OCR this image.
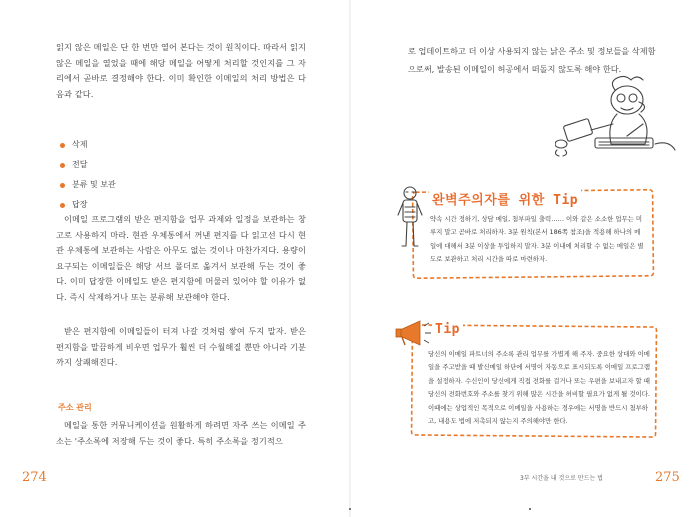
읽지 않은 메일은 단 한 번만 열어 본다는 것이 원칙이다. 따라서 읽지 않은 메일을 열었을 때에 해당 메일을 어떻게 처리할 것인지를 그 자리에서 곧바로 결정해야 한다. 이미 확인한 이메일의 처리 방법은 다음과 같다.

삭제
전달
분류 및 보관
답장

이메일 프로그램의 받은 편지함을 업무 과제와 일정을 보관하는 창고로 사용하지 마라. 현관 우체통에서 꺼낸 편지를 다 읽고선 다시 현관 우체통에 보관하는 사람은 아무도 없는 것이나 마찬가지다. 용량이 요구되는 이메일들은 해당 서브 폴더로 옮겨서 보관해 두는 것이 좋다. 이미 답장한 이메일도 받은 편지함에 머물러 있어야 할 이유가 없다. 즉시 삭제하거나 또는 분류해 보관해야 한다.

받은 편지함에 이메일들이 터져 나갈 것처럼 쌓여 두지 말자. 받은 편지함을 말끔하게 비우면 업무가 훨씬 더 수월해질 뿐만 아니라 기분까지 상쾌해진다.

주소 관리

메일을 통한 커뮤니케이션을 원활하게 하려면 자주 쓰는 이메일 주소는 '주소록에 저장해 두는 것이 좋다. 특히 주소록을 정기적으

274

로 업데이트하고 더 이상 사용되지 않는 낡은 주소 및 정보들을 삭제함으로써, 발송된 이메일이 허공에서 떠돌지 않도록 해야 한다.

완벽주의자를 위한 Tip
약속 시간 정하기, 상담 메일, 첨부파일 출력…… 이와 같은 소소한 업무는 미루지 말고 곧바로 처리하자. 3분 원칙(본서 186쪽 참조)을 적용해 하나의 메일에 대해서 3분 이상을 투입하지 말자. 3분 이내에 처리할 수 없는 메일은 별도로 보관하고 처리 시간을 따로 마련하자.
Tip
당신의 이메일 파트너의 주소록 관리 업무를 가볍게 해 주자. 중요한 상대와 이메일을 주고받을 때 발신메일 하단에 서명이 자동으로 표시되도록 이메일 프로그램을 설정하자. 수신인이 당신에게 직접 전화를 걸거나 또는 우편을 보내고자 할 때 당신의 전화번호와 주소를 찾기 위해 많은 시간을 허비할 필요가 없게 될 것이다. 이때에는 상업적인 목적으로 이메일을 사용하는 경우에는 서명을 반드시 첨부하고, 내용도 법에 저촉되지 않는지 주의해야만 한다.
3부 시간을 내 것으로 만드는 법	275
